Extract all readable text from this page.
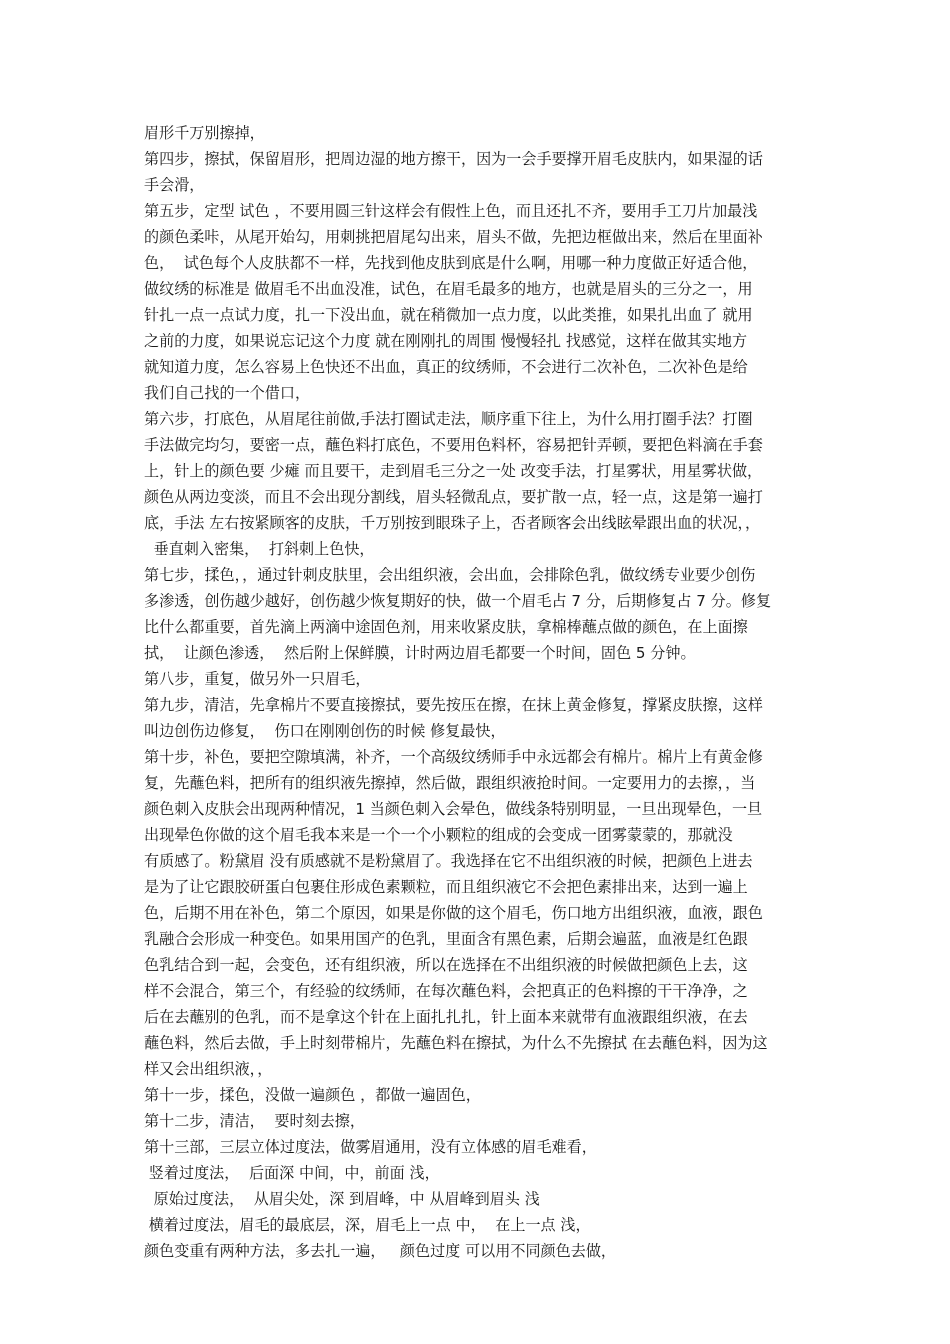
眉形千万别擦掉，
第四步，擦拭，保留眉形，把周边湿的地方擦干，因为一会手要撑开眉毛皮肤内，如果湿的话
手会滑，
第五步，定型 试色 ，不要用圆三针这样会有假性上色，而且还扎不齐，要用手工刀片加最浅
的颜色柔咔，从尾开始勾，用刺挑把眉尾勾出来，眉头不做，先把边框做出来，然后在里面补
色，  试色每个人皮肤都不一样，先找到他皮肤到底是什么啊，用哪一种力度做正好适合他，
做纹绣的标准是 做眉毛不出血没准，试色，在眉毛最多的地方，也就是眉头的三分之一，用
针扎一点一点试力度，扎一下没出血，就在稍微加一点力度，以此类推，如果扎出血了 就用
之前的力度，如果说忘记这个力度 就在刚刚扎的周围 慢慢轻扎 找感觉，这样在做其实地方
就知道力度，怎么容易上色快还不出血，真正的纹绣师，不会进行二次补色，二次补色是给
我们自己找的一个借口，
第六步，打底色，从眉尾往前做,手法打圈试走法，顺序重下往上，为什么用打圈手法？打圈
手法做完均匀，要密一点，蘸色料打底色，不要用色料杯，容易把针弄顿，要把色料滴在手套
上，针上的颜色要 少瘫 而且要干，走到眉毛三分之一处 改变手法，打星雾状，用星雾状做，
颜色从两边变淡，而且不会出现分割线，眉头轻微乱点，要扩散一点，轻一点，这是第一遍打
底，手法 左右按紧顾客的皮肤，千万别按到眼珠子上，否者顾客会出线眩晕跟出血的状况，，
垂直刺入密集，  打斜刺上色快，
第七步，揉色，，通过针刺皮肤里，会出组织液，会出血，会排除色乳，做纹绣专业要少创伤
多渗透，创伤越少越好，创伤越少恢复期好的快，做一个眉毛占 7 分，后期修复占 7 分。修复
比什么都重要，首先滴上两滴中途固色剂，用来收紧皮肤，拿棉棒蘸点做的颜色，在上面擦
拭，  让颜色渗透，  然后附上保鲜膜，计时两边眉毛都要一个时间，固色 5 分钟。
第八步，重复，做另外一只眉毛，
第九步，清洁，先拿棉片不要直接擦拭，要先按压在擦，在抹上黄金修复，撑紧皮肤擦，这样
叫边创伤边修复，  伤口在刚刚创伤的时候 修复最快，
第十步，补色，要把空隙填满，补齐，一个高级纹绣师手中永远都会有棉片。棉片上有黄金修
复，先蘸色料，把所有的组织液先擦掉，然后做，跟组织液抢时间。一定要用力的去擦，，当
颜色刺入皮肤会出现两种情况，1 当颜色刺入会晕色，做线条特别明显，一旦出现晕色，一旦
出现晕色你做的这个眉毛我本来是一个一个小颗粒的组成的会变成一团雾蒙蒙的，那就没
有质感了。粉黛眉 没有质感就不是粉黛眉了。我选择在它不出组织液的时候，把颜色上进去
是为了让它跟胶研蛋白包裹住形成色素颗粒，而且组织液它不会把色素排出来，达到一遍上
色，后期不用在补色，第二个原因，如果是你做的这个眉毛，伤口地方出组织液，血液，跟色
乳融合会形成一种变色。如果用国产的色乳，里面含有黑色素，后期会遍蓝，血液是红色跟
色乳结合到一起，会变色，还有组织液，所以在选择在不出组织液的时候做把颜色上去，这
样不会混合，第三个，有经验的纹绣师，在每次蘸色料，会把真正的色料擦的干干净净，之
后在去蘸别的色乳，而不是拿这个针在上面扎扎扎，针上面本来就带有血液跟组织液，在去
蘸色料，然后去做，手上时刻带棉片，先蘸色料在擦拭，为什么不先擦拭 在去蘸色料，因为这
样又会出组织液，，
第十一步，揉色，没做一遍颜色 ，都做一遍固色，
第十二步，清洁，  要时刻去擦，
第十三部，三层立体过度法，做雾眉通用，没有立体感的眉毛难看，
竖着过度法，  后面深 中间，中，前面 浅，
原始过度法，  从眉尖处，深 到眉峰，中 从眉峰到眉头 浅
横着过度法，眉毛的最底层，深，眉毛上一点 中，  在上一点 浅，
颜色变重有两种方法，多去扎一遍，   颜色过度 可以用不同颜色去做，
